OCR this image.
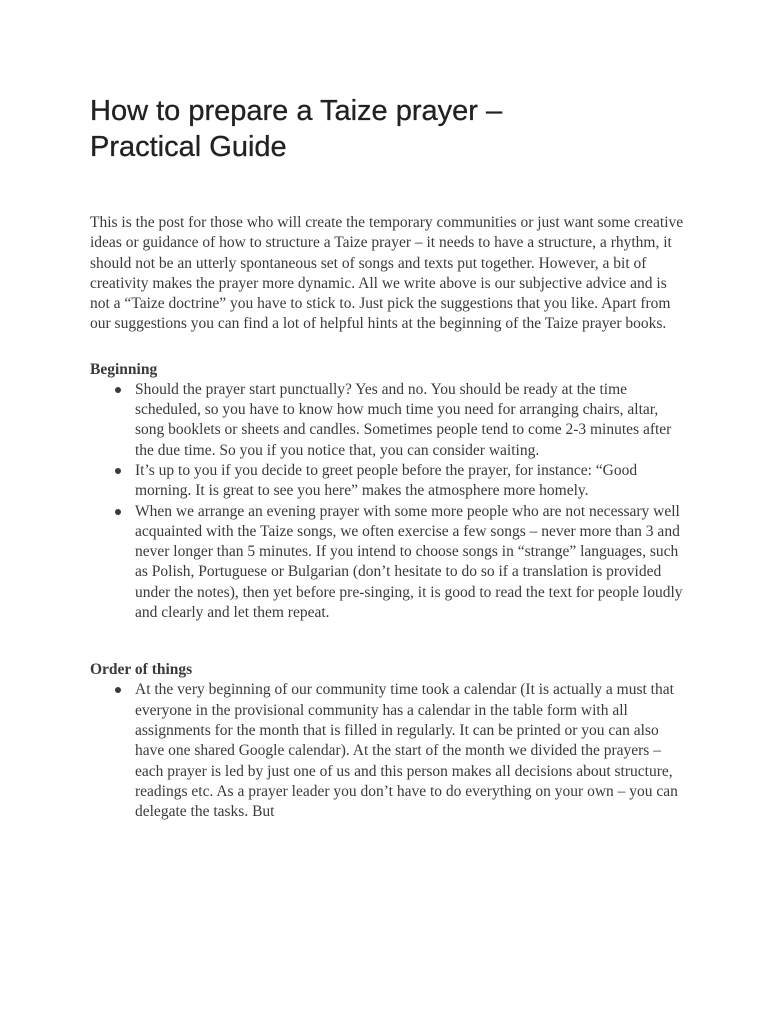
How to prepare a Taize prayer –
Practical Guide

This is the post for those who will create the temporary communities or just want some creative ideas or guidance of how to structure a Taize prayer – it needs to have a structure, a rhythm, it should not be an utterly spontaneous set of songs and texts put together. However, a bit of creativity makes the prayer more dynamic. All we write above is our subjective advice and is not a “Taize doctrine” you have to stick to. Just pick the suggestions that you like. Apart from our suggestions you can find a lot of helpful hints at the beginning of the Taize prayer books.

Beginning
Should the prayer start punctually? Yes and no. You should be ready at the time scheduled, so you have to know how much time you need for arranging chairs, altar, song booklets or sheets and candles. Sometimes people tend to come 2-3 minutes after the due time. So you if you notice that, you can consider waiting.
It’s up to you if you decide to greet people before the prayer, for instance: “Good morning. It is great to see you here” makes the atmosphere more homely.
When we arrange an evening prayer with some more people who are not necessary well acquainted with the Taize songs, we often exercise a few songs – never more than 3 and never longer than 5 minutes. If you intend to choose songs in “strange” languages, such as Polish, Portuguese or Bulgarian (don’t hesitate to do so if a translation is provided under the notes), then yet before pre-singing, it is good to read the text for people loudly and clearly and let them repeat.
Order of things
At the very beginning of our community time took a calendar (It is actually a must that everyone in the provisional community has a calendar in the table form with all assignments for the month that is filled in regularly. It can be printed or you can also have one shared Google calendar). At the start of the month we divided the prayers – each prayer is led by just one of us and this person makes all decisions about structure, readings etc. As a prayer leader you don’t have to do everything on your own – you can delegate the tasks. But
